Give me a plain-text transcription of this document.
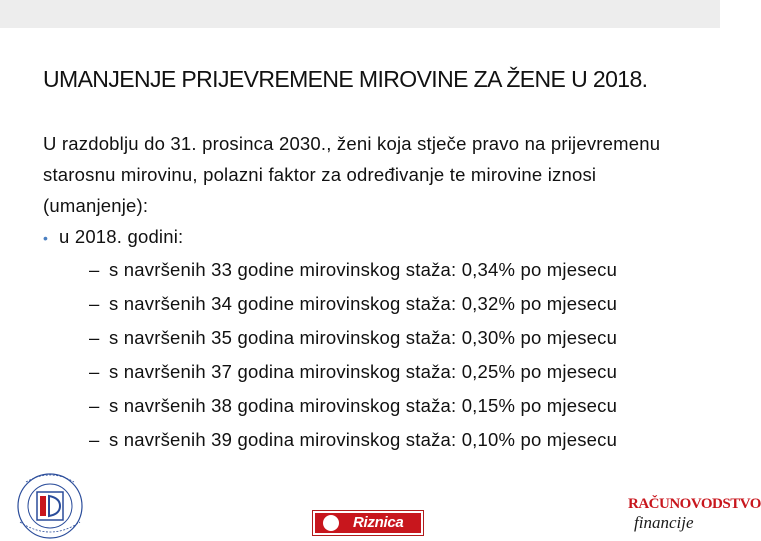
UMANJENJE PRIJEVREMENE MIROVINE ZA ŽENE U 2018.

U razdoblju do 31. prosinca 2030., ženi koja stječe pravo na prijevremenu starosnu mirovinu, polazni faktor za određivanje te mirovine iznosi (umanjenje):

• u 2018. godini:
– s navršenih 33 godine mirovinskog staža: 0,34% po mjesecu
– s navršenih 34 godine mirovinskog staža: 0,32% po mjesecu
– s navršenih 35 godina mirovinskog staža: 0,30% po mjesecu
– s navršenih 37 godina mirovinskog staža: 0,25% po mjesecu
– s navršenih 38 godina mirovinskog staža: 0,15% po mjesecu
– s navršenih 39 godina mirovinskog staža: 0,10% po mjesecu
Riznica
RAČUNOVODSTVO
financije
